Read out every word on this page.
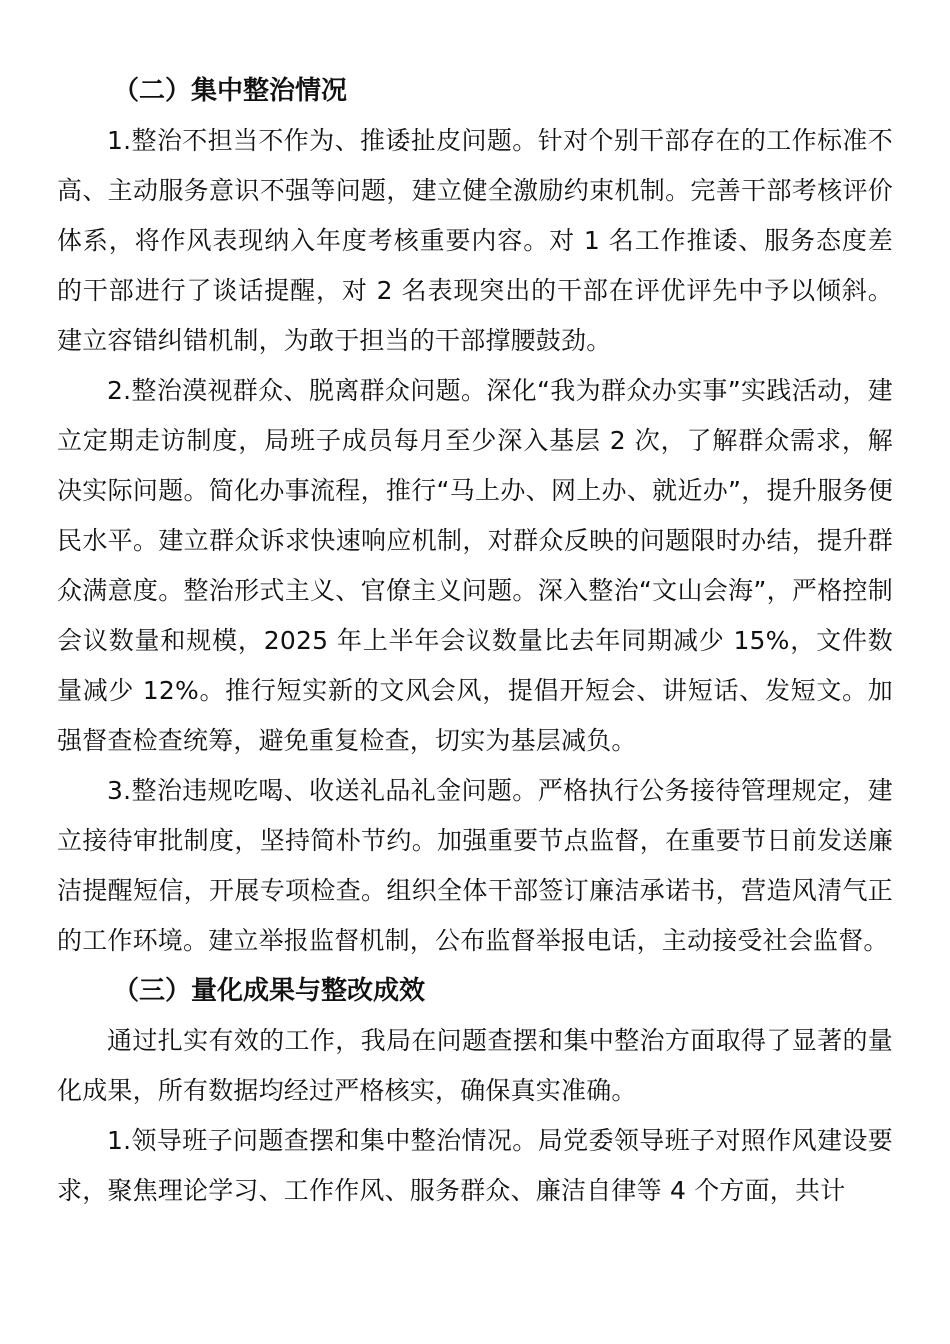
（二）集中整治情况

1.整治不担当不作为、推诿扯皮问题。针对个别干部存在的工作标准不高、主动服务意识不强等问题，建立健全激励约束机制。完善干部考核评价体系，将作风表现纳入年度考核重要内容。对 1 名工作推诿、服务态度差的干部进行了谈话提醒，对 2 名表现突出的干部在评优评先中予以倾斜。建立容错纠错机制，为敢于担当的干部撑腰鼓劲。

2.整治漠视群众、脱离群众问题。深化“我为群众办实事”实践活动，建立定期走访制度，局班子成员每月至少深入基层 2 次，了解群众需求，解决实际问题。简化办事流程，推行“马上办、网上办、就近办”，提升服务便民水平。建立群众诉求快速响应机制，对群众反映的问题限时办结，提升群众满意度。整治形式主义、官僚主义问题。深入整治“文山会海”，严格控制会议数量和规模，2025 年上半年会议数量比去年同期减少 15%，文件数量减少 12%。推行短实新的文风会风，提倡开短会、讲短话、发短文。加强督查检查统筹，避免重复检查，切实为基层减负。

3.整治违规吃喝、收送礼品礼金问题。严格执行公务接待管理规定，建立接待审批制度，坚持简朴节约。加强重要节点监督，在重要节日前发送廉洁提醒短信，开展专项检查。组织全体干部签订廉洁承诺书，营造风清气正的工作环境。建立举报监督机制，公布监督举报电话，主动接受社会监督。

（三）量化成果与整改成效

通过扎实有效的工作，我局在问题查摆和集中整治方面取得了显著的量化成果，所有数据均经过严格核实，确保真实准确。

1.领导班子问题查摆和集中整治情况。局党委领导班子对照作风建设要求，聚焦理论学习、工作作风、服务群众、廉洁自律等 4 个方面，共计
